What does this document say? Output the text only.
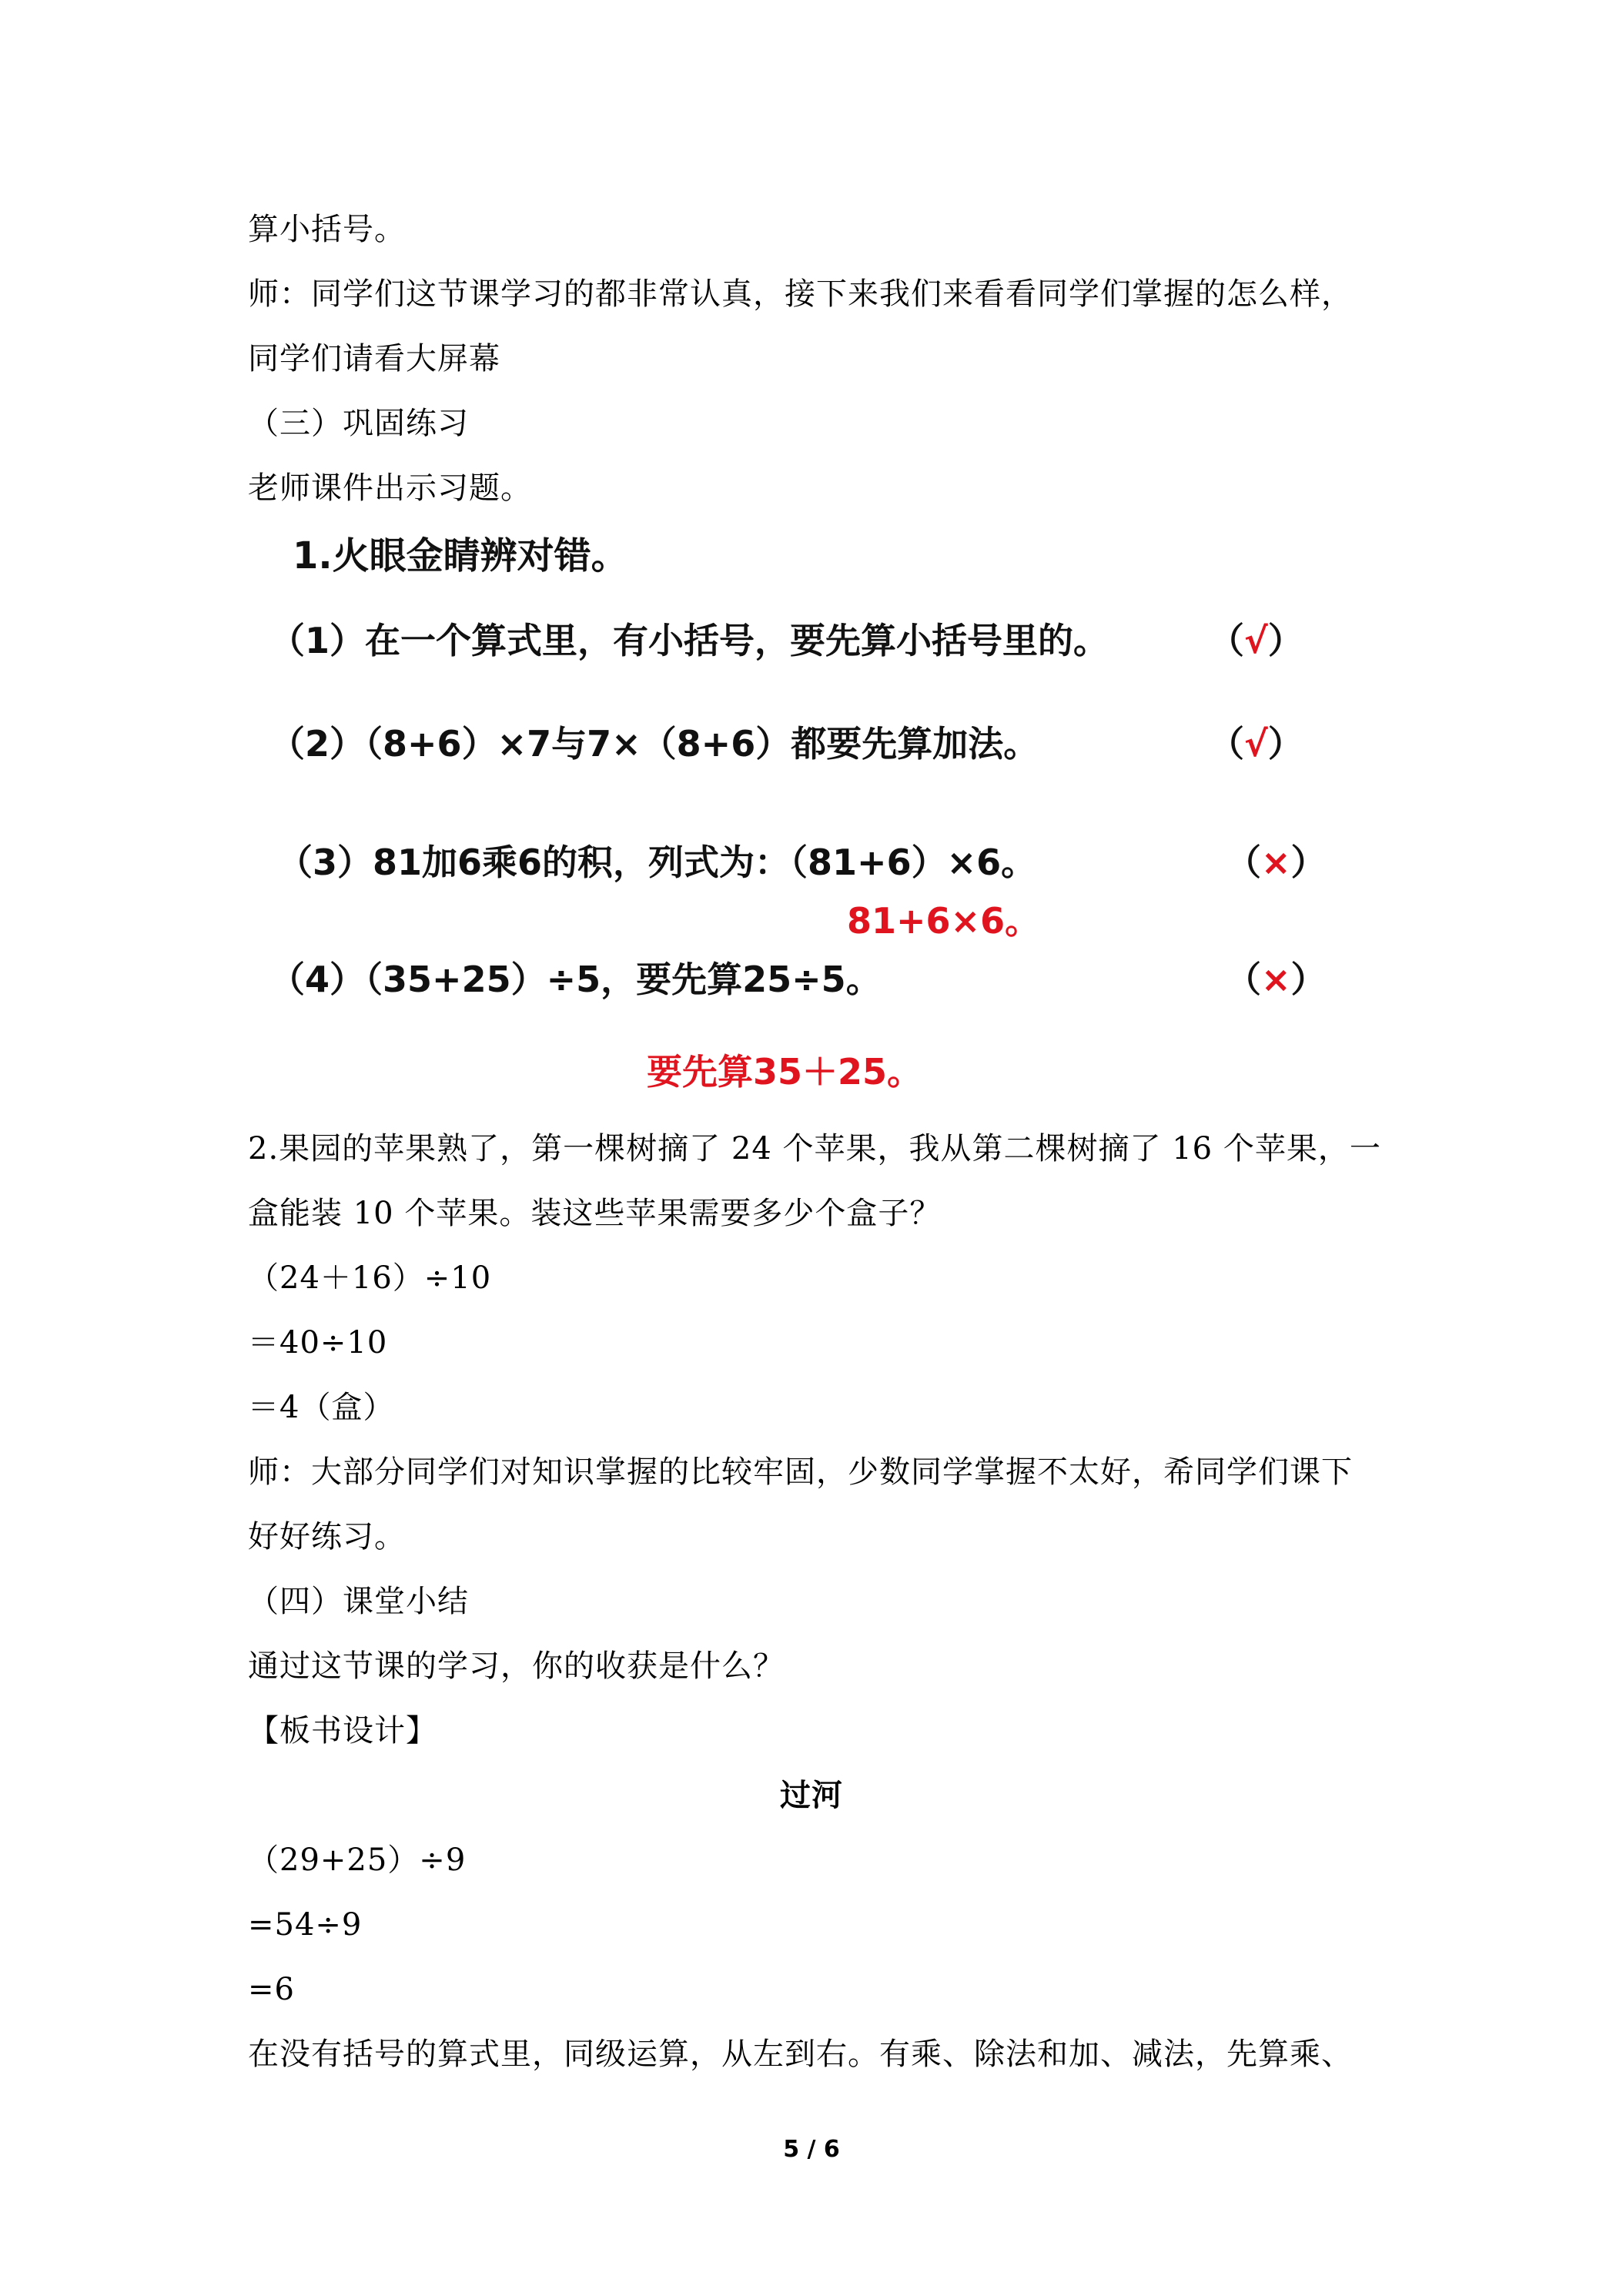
算小括号。
师：同学们这节课学习的都非常认真，接下来我们来看看同学们掌握的怎么样，
同学们请看大屏幕
（三）巩固练习
老师课件出示习题。
1.火眼金睛辨对错。
（1）在一个算式里，有小括号，要先算小括号里的。	（√）
（2）（8+6）×7与7×（8+6）都要先算加法。	（√）
（3）81加6乘6的积，列式为：（81+6）×6。	（×）
81+6×6。
（4）（35+25）÷5，要先算25÷5。	（×）
要先算35＋25。
2.果园的苹果熟了，第一棵树摘了 24 个苹果，我从第二棵树摘了 16 个苹果，一
盒能装 10 个苹果。装这些苹果需要多少个盒子？
（24＋16）÷10
＝40÷10
＝4（盒）
师：大部分同学们对知识掌握的比较牢固，少数同学掌握不太好，希同学们课下
好好练习。
（四）课堂小结
通过这节课的学习，你的收获是什么？
【板书设计】
过河
（29+25）÷9
=54÷9
=6
在没有括号的算式里，同级运算，从左到右。有乘、除法和加、减法，先算乘、
5 / 6
